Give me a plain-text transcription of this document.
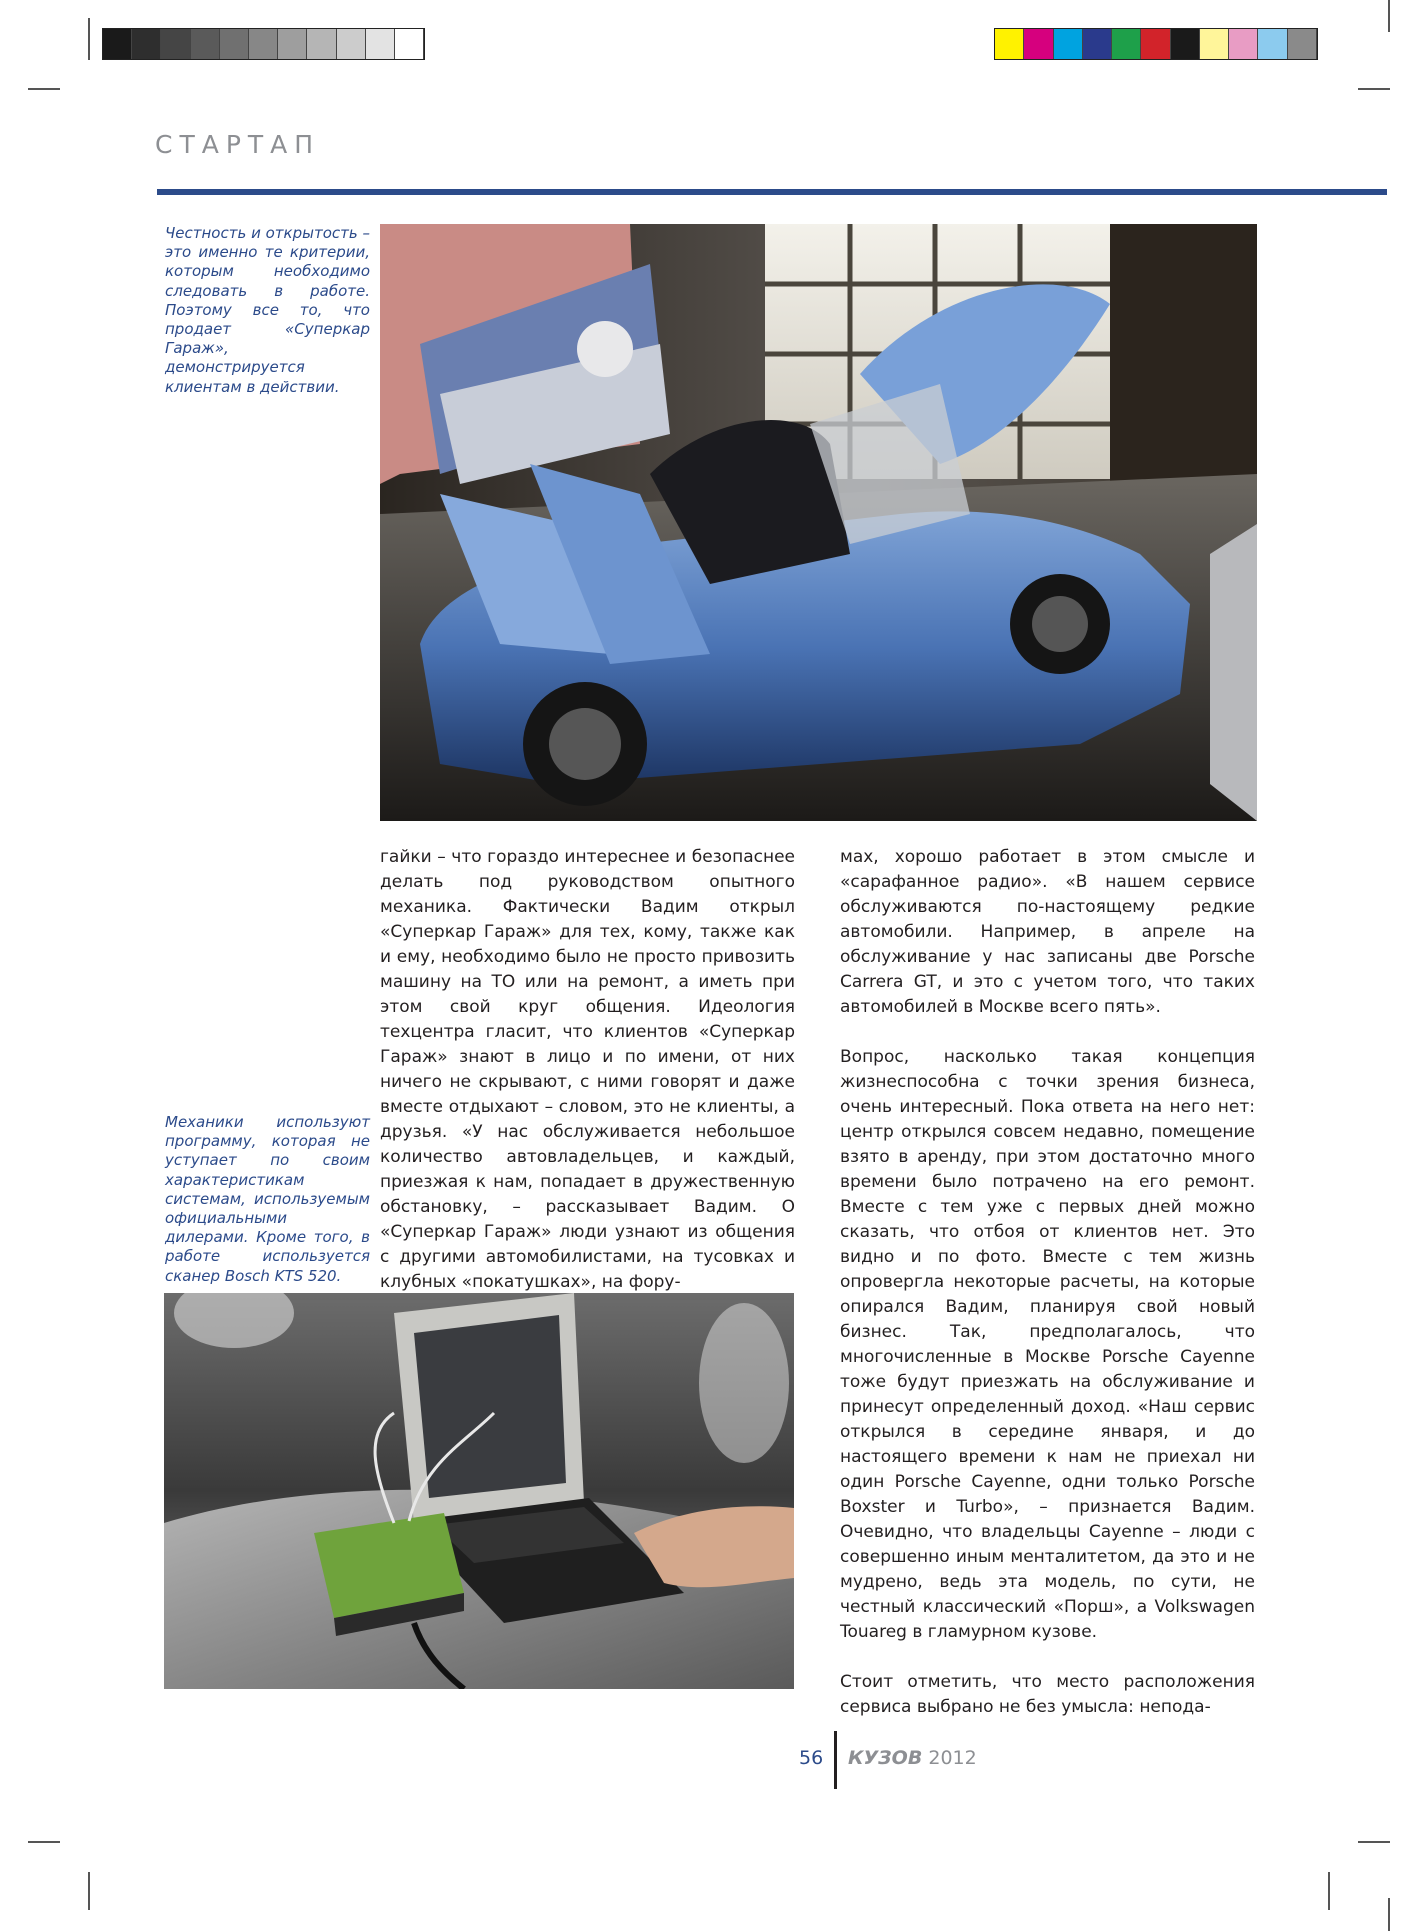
СТАРТАП
Честность и открытость – это именно те критерии, которым необходимо следовать в работе. Поэтому все то, что продает «Суперкар Гараж», демонстрируется клиентам в действии.
Механики используют программу, которая не уступает по своим характеристикам системам, используемым официальными дилерами. Кроме того, в работе используется сканер Bosch KTS 520.

гайки – что гораздо интереснее и безопаснее делать под руководством опытного механика. Фактически Вадим открыл «Суперкар Гараж» для тех, кому, также как и ему, необходимо было не просто привозить машину на ТО или на ремонт, а иметь при этом свой круг общения. Идеология техцентра гласит, что клиентов «Суперкар Гараж» знают в лицо и по имени, от них ничего не скрывают, с ними говорят и даже вместе отдыхают – словом, это не клиенты, а друзья. «У нас обслуживается небольшое количество автовладельцев, и каждый, приезжая к нам, попадает в дружественную обстановку, – рассказывает Вадим. О «Суперкар Гараж» люди узнают из общения с другими автомобилистами, на тусовках и клубных «покатушках», на фору-

мах, хорошо работает в этом смысле и «сарафанное радио». «В нашем сервисе обслуживаются по-настоящему редкие автомобили. Например, в апреле на обслуживание у нас записаны две Porsche Carrera GT, и это с учетом того, что таких автомобилей в Москве всего пять».

Вопрос, насколько такая концепция жизнеспособна с точки зрения бизнеса, очень интересный. Пока ответа на него нет: центр открылся совсем недавно, помещение взято в аренду, при этом достаточно много времени было потрачено на его ремонт. Вместе с тем уже с первых дней можно сказать, что отбоя от клиентов нет. Это видно и по фото. Вместе с тем жизнь опровергла некоторые расчеты, на которые опирался Вадим, планируя свой новый бизнес. Так, предполагалось, что многочисленные в Москве Porsche Cayenne тоже будут приезжать на обслуживание и принесут определенный доход. «Наш сервис открылся в середине января, и до настоящего времени к нам не приехал ни один Porsche Cayenne, одни только Porsche Boxster и Turbo», – признается Вадим. Очевидно, что владельцы Cayenne – люди с совершенно иным менталитетом, да это и не мудрено, ведь эта модель, по сути, не честный классический «Порш», а Volkswagen Touareg в гламурном кузове.

Стоит отметить, что место расположения сервиса выбрано не без умысла: непода-

56 КУЗОВ 2012
